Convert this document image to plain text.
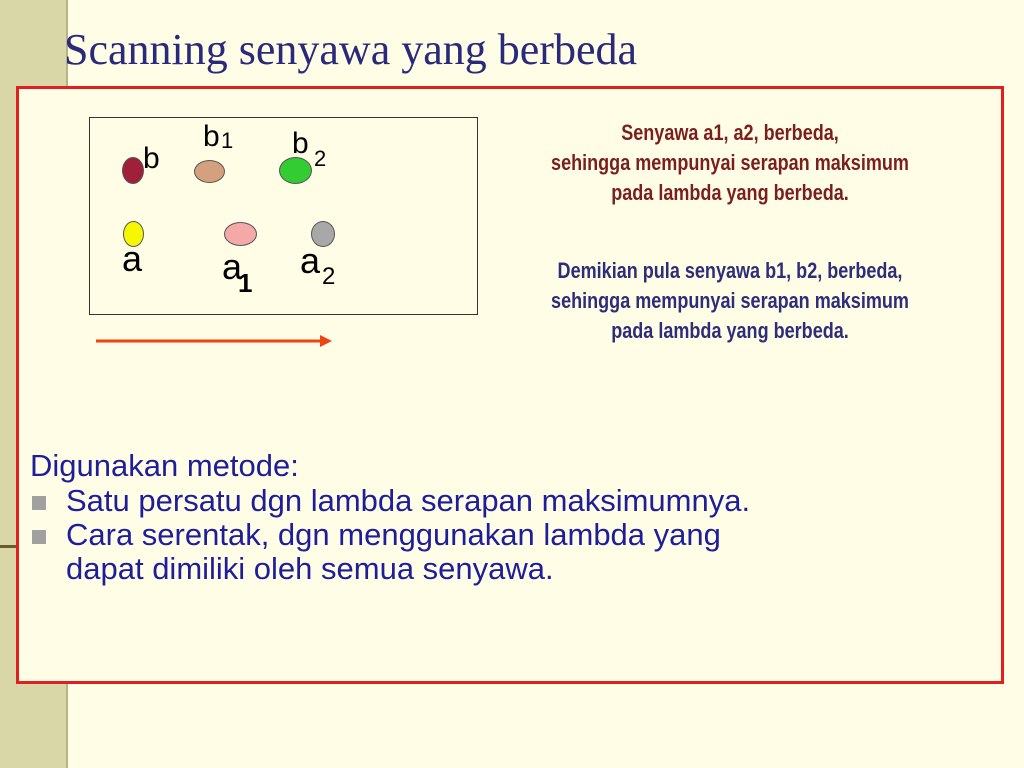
Scanning senyawa yang berbeda
b
b 1 b 2
a a
1
a 2
Senyawa a1, a2, berbeda,
sehingga mempunyai serapan maksimum
pada lambda yang berbeda.
Demikian pula senyawa b1, b2, berbeda,
sehingga mempunyai serapan maksimum
pada lambda yang berbeda.
Digunakan metode:
Satu persatu dgn lambda serapan maksimumnya.
Cara serentak, dgn menggunakan lambda yang
dapat dimiliki oleh semua senyawa.
